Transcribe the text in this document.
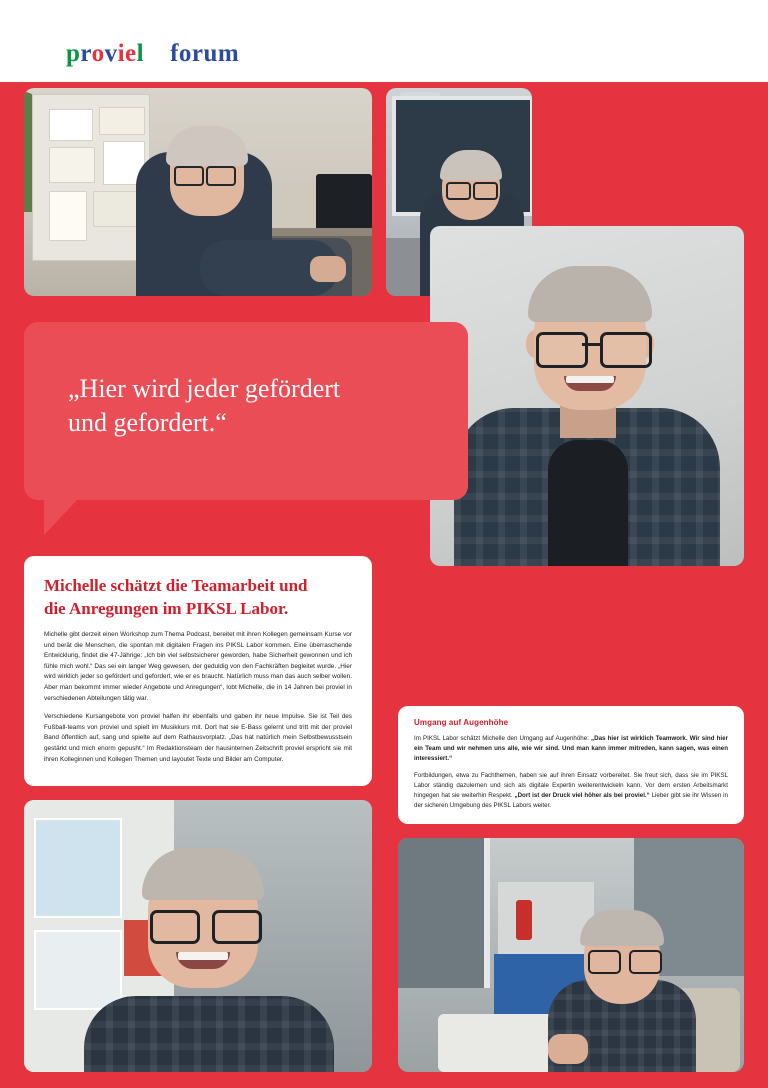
proviel forum
„Hier wird jeder gefördert
und gefordert.“
Michelle schätzt die Teamarbeit und
die Anregungen im PIKSL Labor.

Michelle gibt derzeit einen Workshop zum Thema Podcast, bereitet mit ihren Kollegen gemeinsam Kurse vor und berät die Menschen, die spontan mit digitalen Fragen ins PIKSL Labor kommen. Eine überraschende Entwicklung, findet die 47-Jährige: „Ich bin viel selbstsicherer geworden, habe Sicherheit gewonnen und ich fühle mich wohl.“ Das sei ein langer Weg gewesen, der geduldig von den Fachkräften begleitet wurde. „Hier wird wirklich jeder so gefördert und gefordert, wie er es braucht. Natürlich muss man das auch selber wollen. Aber man bekommt immer wieder Angebote und Anregungen“, lobt Michelle, die in 14 Jahren bei proviel in verschiedenen Abteilungen tätig war.

Verschiedene Kursangebote von proviel halfen ihr ebenfalls und gaben ihr neue Impulse. Sie ist Teil des Fußball-teams von proviel und spielt im Musikkurs mit. Dort hat sie E-Bass gelernt und tritt mit der proviel Band öffentlich auf, sang und spielte auf dem Rathausvorplatz. „Das hat natürlich mein Selbstbewusstsein gestärkt und mich enorm gepusht.“ Im Redaktionsteam der hausinternen Zeitschrift proviel erspricht sie mit ihren Kolleginnen und Kollegen Themen und layoutet Texte und Bilder am Computer.

Umgang auf Augenhöhe

Im PIKSL Labor schätzt Michelle den Umgang auf Augenhöhe: „Das hier ist wirklich Teamwork. Wir sind hier ein Team und wir nehmen uns alle, wie wir sind. Und man kann immer mitreden, kann sagen, was einen interessiert.“

Fortbildungen, etwa zu Fachthemen, haben sie auf ihren Einsatz vorbereitet. Sie freut sich, dass sie im PIKSL Labor ständig dazulernen und sich als digitale Expertin weiterentwickeln kann. Vor dem ersten Arbeitsmarkt hingegen hat sie weiterhin Respekt. „Dort ist der Druck viel höher als bei proviel.“ Lieber gibt sie ihr Wissen in der sicheren Umgebung des PIKSL Labors weiter.
